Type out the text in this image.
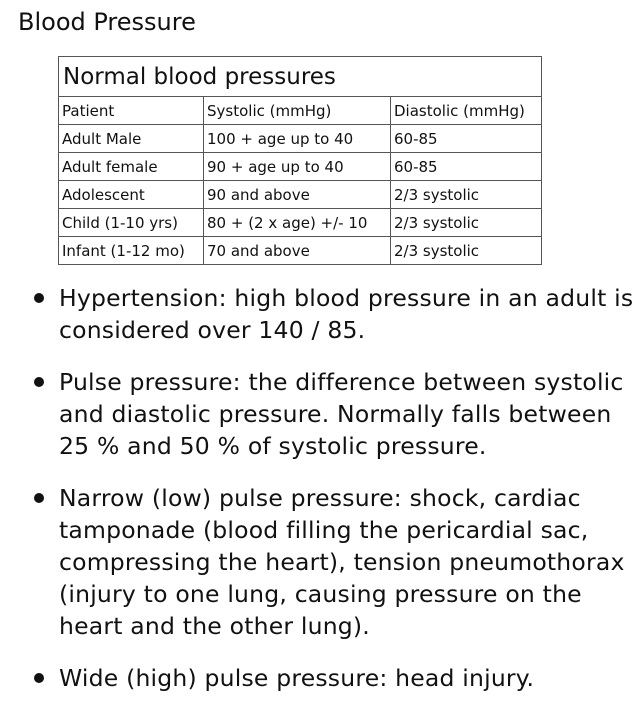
Blood Pressure
Normal blood pressures		
Patient	Systolic (mmHg)	Diastolic (mmHg)
Adult Male	100 + age up to 40	60-85
Adult female	90 + age up to 40	60-85
Adolescent	90 and above	2/3 systolic
Child (1-10 yrs)	80 + (2 x age) +/- 10	2/3 systolic
Infant (1-12 mo)	70 and above	2/3 systolic
Hypertension: high blood pressure in an adult is considered over 140 / 85.
Pulse pressure: the difference between systolic and diastolic pressure. Normally falls between 25 % and 50 % of systolic pressure.
Narrow (low) pulse pressure: shock, cardiac tamponade (blood filling the pericardial sac, compressing the heart), tension pneumothorax (injury to one lung, causing pressure on the heart and the other lung).
Wide (high) pulse pressure: head injury.
